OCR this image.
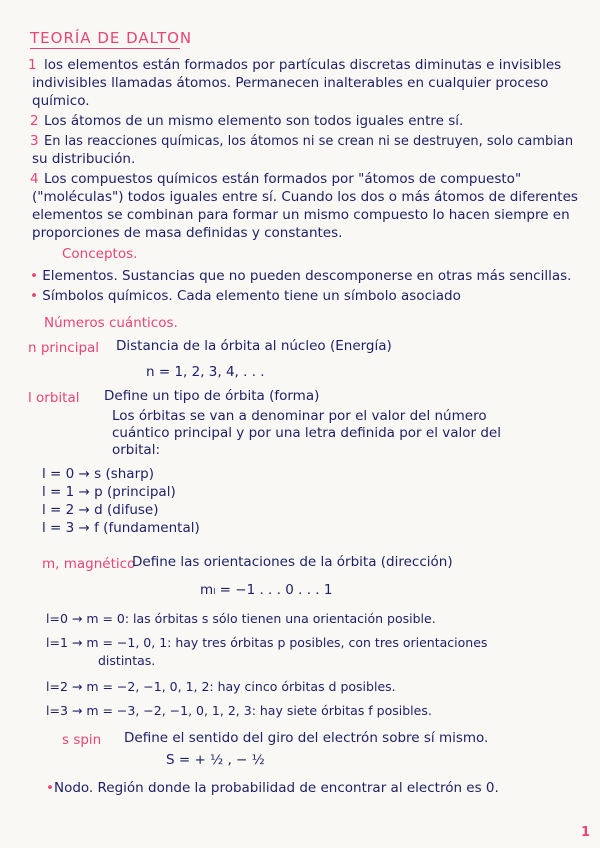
TEORÍA DE DALTON
1 los elementos están formados por partículas discretas diminutas e invisibles
indivisibles llamadas átomos. Permanecen inalterables en cualquier proceso
químico.
2 Los átomos de un mismo elemento son todos iguales entre sí.
3 En las reacciones químicas, los átomos ni se crean ni se destruyen, solo cambian
su distribución.
4 Los compuestos químicos están formados por "átomos de compuesto"
("moléculas") todos iguales entre sí. Cuando los dos o más átomos de diferentes
elementos se combinan para formar un mismo compuesto lo hacen siempre en
proporciones de masa definidas y constantes.
Conceptos.
• Elementos. Sustancias que no pueden descomponerse en otras más sencillas.
• Símbolos químicos. Cada elemento tiene un símbolo asociado
Números cuánticos.
n principal Distancia de la órbita al núcleo (Energía)
n = 1, 2, 3, 4, . . .
l orbital Define un tipo de órbita (forma)
Los órbitas se van a denominar por el valor del número
cuántico principal y por una letra definida por el valor del
orbital:
l = 0 → s (sharp)
l = 1 → p (principal)
l = 2 → d (difuse)
l = 3 → f (fundamental)
m, magnético
Define las orientaciones de la órbita (dirección)
mₗ = −1 . . . 0 . . . 1
l=0 → m = 0: las órbitas s sólo tienen una orientación posible.
l=1 → m = −1, 0, 1: hay tres órbitas p posibles, con tres orientaciones
distintas.
l=2 → m = −2, −1, 0, 1, 2: hay cinco órbitas d posibles.
l=3 → m = −3, −2, −1, 0, 1, 2, 3: hay siete órbitas f posibles.
s spin Define el sentido del giro del electrón sobre sí mismo.
S = + ½ , − ½
•Nodo. Región donde la probabilidad de encontrar al electrón es 0.
1
